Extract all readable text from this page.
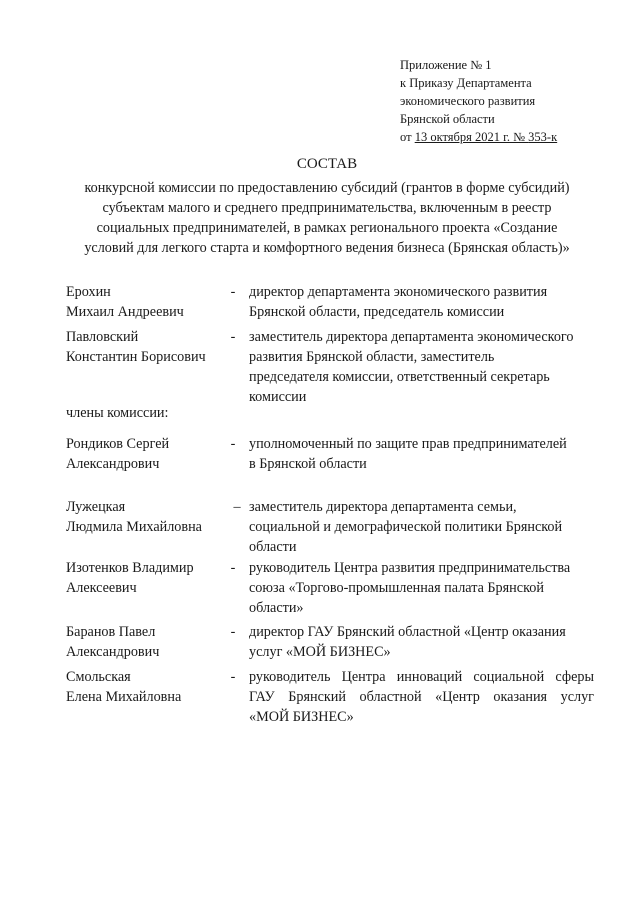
Приложение № 1
к Приказу Департамента
экономического развития
Брянской области
от 13 октября 2021 г. № 353-к
СОСТАВ
конкурсной комиссии по предоставлению субсидий (грантов в форме субсидий)
субъектам малого и среднего предпринимательства, включенным в реестр
социальных предпринимателей, в рамках регионального проекта «Создание
условий для легкого старта и комфортного ведения бизнеса (Брянская область)»
Ерохин
Михаил Андреевич
- директор департамента экономического развития
Брянской области, председатель комиссии
Павловский
Константин Борисович
- заместитель директора департамента экономического
развития Брянской области, заместитель
председателя комиссии, ответственный секретарь
комиссии
члены комиссии:
Рондиков Сергей
Александрович
- уполномоченный по защите прав предпринимателей
в Брянской области
Лужецкая
Людмила Михайловна
– заместитель директора департамента семьи,
социальной и демографической политики Брянской
области
Изотенков Владимир
Алексеевич
- руководитель Центра развития предпринимательства
союза «Торгово-промышленная палата Брянской
области»
Баранов Павел
Александрович
- директор ГАУ Брянский областной «Центр оказания
услуг «МОЙ БИЗНЕС»
Смольская
Елена Михайловна
- руководитель Центра инноваций социальной сферы
ГАУ Брянский областной «Центр оказания услуг
«МОЙ БИЗНЕС»
